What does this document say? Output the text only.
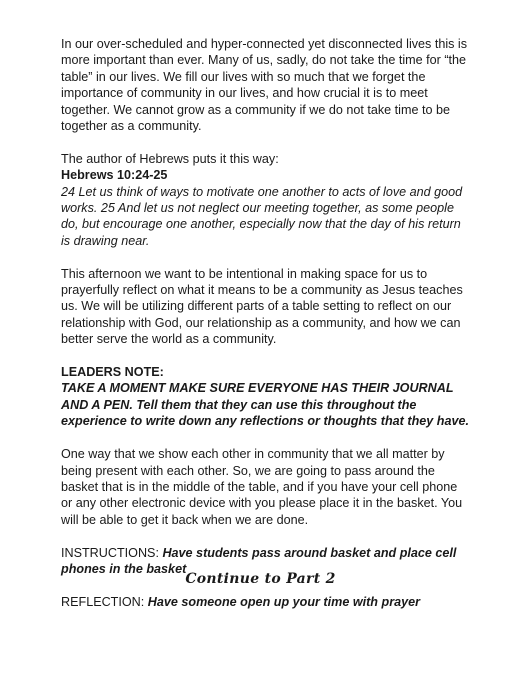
In our over-scheduled and hyper-connected yet disconnected lives this is more important than ever. Many of us, sadly, do not take the time for “the table” in our lives. We fill our lives with so much that we forget the importance of community in our lives, and how crucial it is to meet together. We cannot grow as a community if we do not take time to be together as a community.

The author of Hebrews puts it this way:

Hebrews 10:24-25

24 Let us think of ways to motivate one another to acts of love and good works. 25 And let us not neglect our meeting together, as some people do, but encourage one another, especially now that the day of his return is drawing near.

This afternoon we want to be intentional in making space for us to prayerfully reflect on what it means to be a community as Jesus teaches us. We will be utilizing different parts of a table setting to reflect on our relationship with God, our relationship as a community, and how we can better serve the world as a community.

LEADERS NOTE:

TAKE A MOMENT MAKE SURE EVERYONE HAS THEIR JOURNAL AND A PEN. Tell them that they can use this throughout the experience to write down any reflections or thoughts that they have.

One way that we show each other in community that we all matter by being present with each other. So, we are going to pass around the basket that is in the middle of the table, and if you have your cell phone or any other electronic device with you please place it in the basket. You will be able to get it back when we are done.

INSTRUCTIONS: Have students pass around basket and place cell phones in the basket

REFLECTION: Have someone open up your time with prayer

Continue to Part 2
